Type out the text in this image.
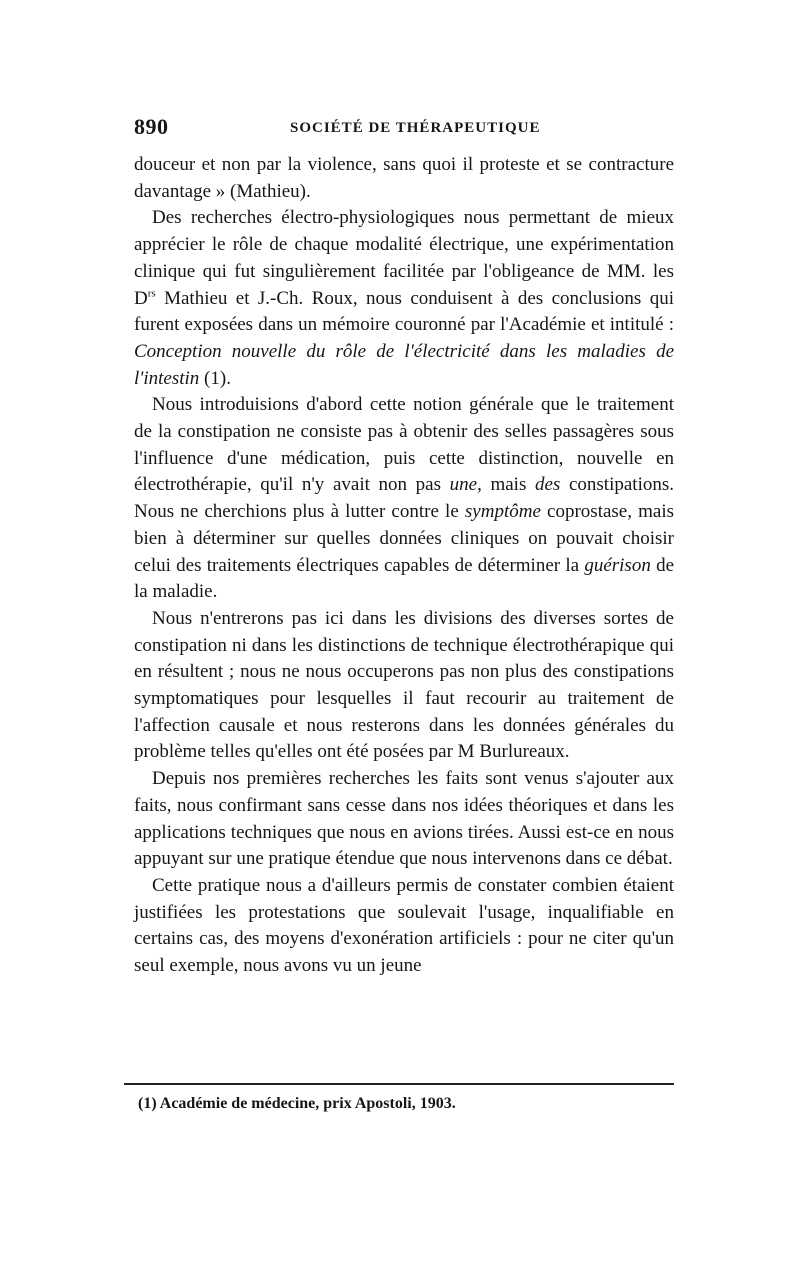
890	SOCIÉTÉ DE THÉRAPEUTIQUE

douceur et non par la violence, sans quoi il proteste et se contracture davantage » (Mathieu).

Des recherches électro-physiologiques nous permettant de mieux apprécier le rôle de chaque modalité électrique, une expérimentation clinique qui fut singulièrement facilitée par l'obligeance de MM. les $D^{rs}$ Mathieu et J.-Ch. Roux, nous conduisent à des conclusions qui furent exposées dans un mémoire couronné par l'Académie et intitulé : Conception nouvelle du rôle de l'électricité dans les maladies de l'intestin (1).

Nous introduisions d'abord cette notion générale que le traitement de la constipation ne consiste pas à obtenir des selles passagères sous l'influence d'une médication, puis cette distinction, nouvelle en électrothérapie, qu'il n'y avait non pas une, mais des constipations. Nous ne cherchions plus à lutter contre le symptôme coprostase, mais bien à déterminer sur quelles données cliniques on pouvait choisir celui des traitements électriques capables de déterminer la guérison de la maladie.

Nous n'entrerons pas ici dans les divisions des diverses sortes de constipation ni dans les distinctions de technique électrothérapique qui en résultent ; nous ne nous occuperons pas non plus des constipations symptomatiques pour lesquelles il faut recourir au traitement de l'affection causale et nous resterons dans les données générales du problème telles qu'elles ont été posées par M Burlureaux.

Depuis nos premières recherches les faits sont venus s'ajouter aux faits, nous confirmant sans cesse dans nos idées théoriques et dans les applications techniques que nous en avions tirées. Aussi est-ce en nous appuyant sur une pratique étendue que nous intervenons dans ce débat.

Cette pratique nous a d'ailleurs permis de constater combien étaient justifiées les protestations que soulevait l'usage, inqualifiable en certains cas, des moyens d'exonération artificiels : pour ne citer qu'un seul exemple, nous avons vu un jeune

(1) Académie de médecine, prix Apostoli, 1903.
